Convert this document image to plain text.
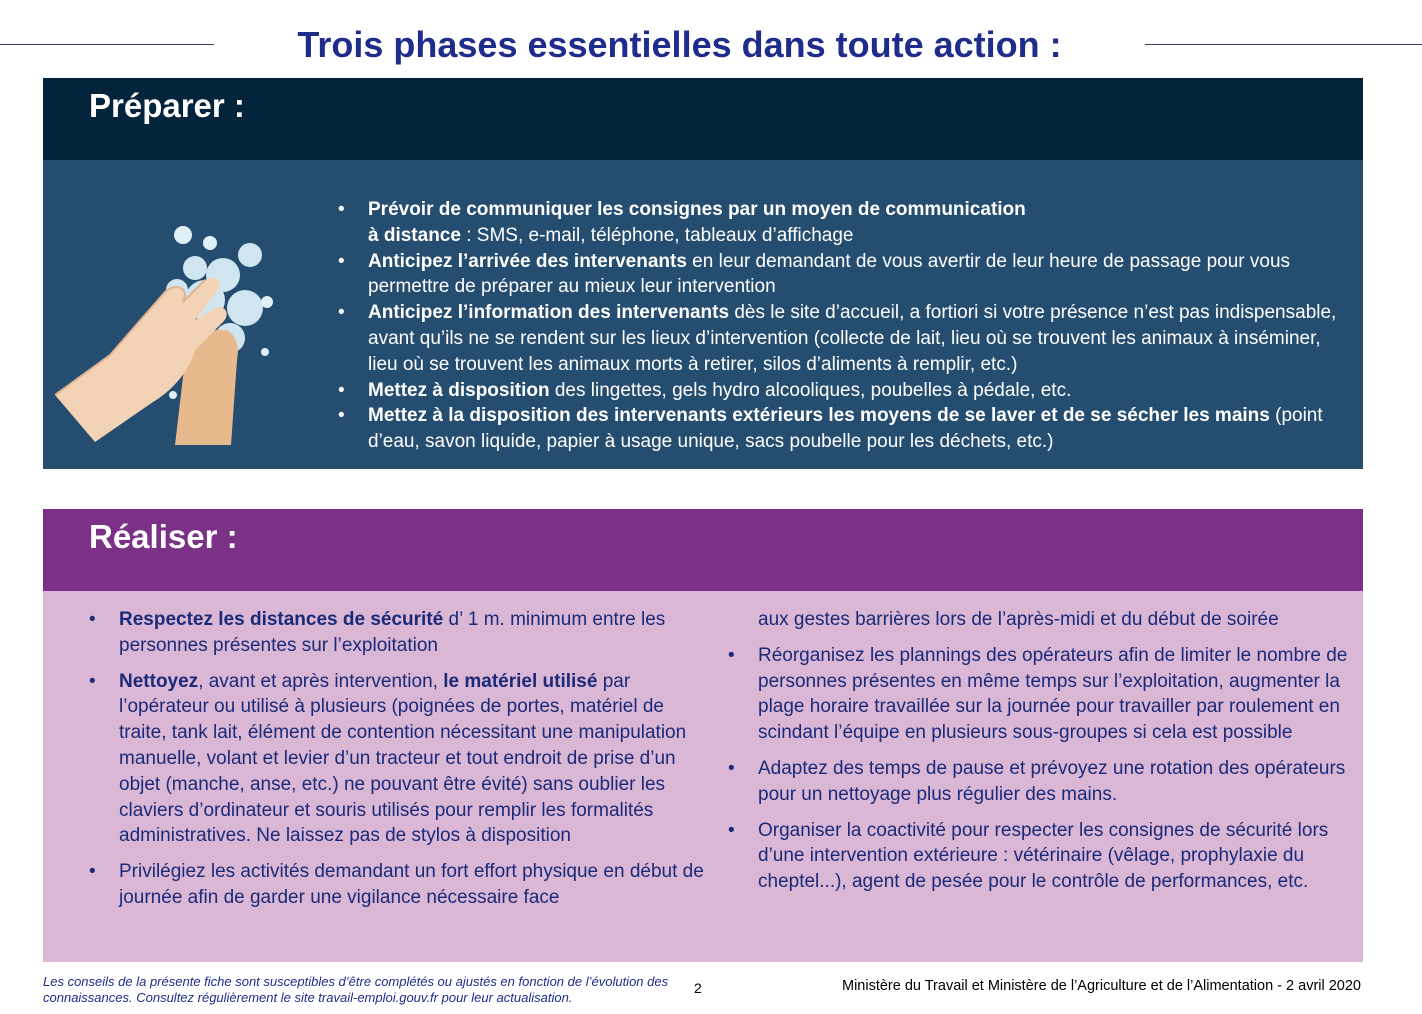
Trois phases essentielles dans toute action :
Préparer :
• Prévoir de communiquer les consignes par un moyen de communication
à distance : SMS, e-mail, téléphone, tableaux d’affichage
• Anticipez l’arrivée des intervenants en leur demandant de vous avertir de leur heure de passage pour vous permettre de préparer au mieux leur intervention
• Anticipez l’information des intervenants dès le site d’accueil, a fortiori si votre présence n’est pas indispensable, avant qu’ils ne se rendent sur les lieux d’intervention (collecte de lait, lieu où se trouvent les animaux à inséminer, lieu où se trouvent les animaux morts à retirer, silos d’aliments à remplir, etc.)
• Mettez à disposition des lingettes, gels hydro alcooliques, poubelles à pédale, etc.
• Mettez à la disposition des intervenants extérieurs les moyens de se laver et de se sécher les mains (point d’eau, savon liquide, papier à usage unique, sacs poubelle pour les déchets, etc.)
Réaliser :
• Respectez les distances de sécurité d’ 1 m. minimum entre les personnes présentes sur l’exploitation
• Nettoyez, avant et après intervention, le matériel utilisé par l’opérateur ou utilisé à plusieurs (poignées de portes, matériel de traite, tank lait, élément de contention nécessitant une manipulation manuelle, volant et levier d’un tracteur et tout endroit de prise d’un objet (manche, anse, etc.) ne pouvant être évité) sans oublier les claviers d’ordinateur et souris utilisés pour remplir les formalités administratives. Ne laissez pas de stylos à disposition
• Privilégiez les activités demandant un fort effort physique en début de journée afin de garder une vigilance nécessaire face
aux gestes barrières lors de l’après-midi et du début de soirée
• Réorganisez les plannings des opérateurs afin de limiter le nombre de personnes présentes en même temps sur l’exploitation, augmenter la plage horaire travaillée sur la journée pour travailler par roulement en scindant l’équipe en plusieurs sous-groupes si cela est possible
• Adaptez des temps de pause et prévoyez une rotation des opérateurs pour un nettoyage plus régulier des mains.
• Organiser la coactivité pour respecter les consignes de sécurité lors d’une intervention extérieure : vétérinaire (vêlage, prophylaxie du cheptel...), agent de pesée pour le contrôle de performances, etc.

Les conseils de la présente fiche sont susceptibles d’être complétés ou ajustés en fonction de l’évolution des connaissances. Consultez régulièrement le site travail-emploi.gouv.fr pour leur actualisation.

2	Ministère du Travail et Ministère de l’Agriculture et de l’Alimentation - 2 avril 2020
